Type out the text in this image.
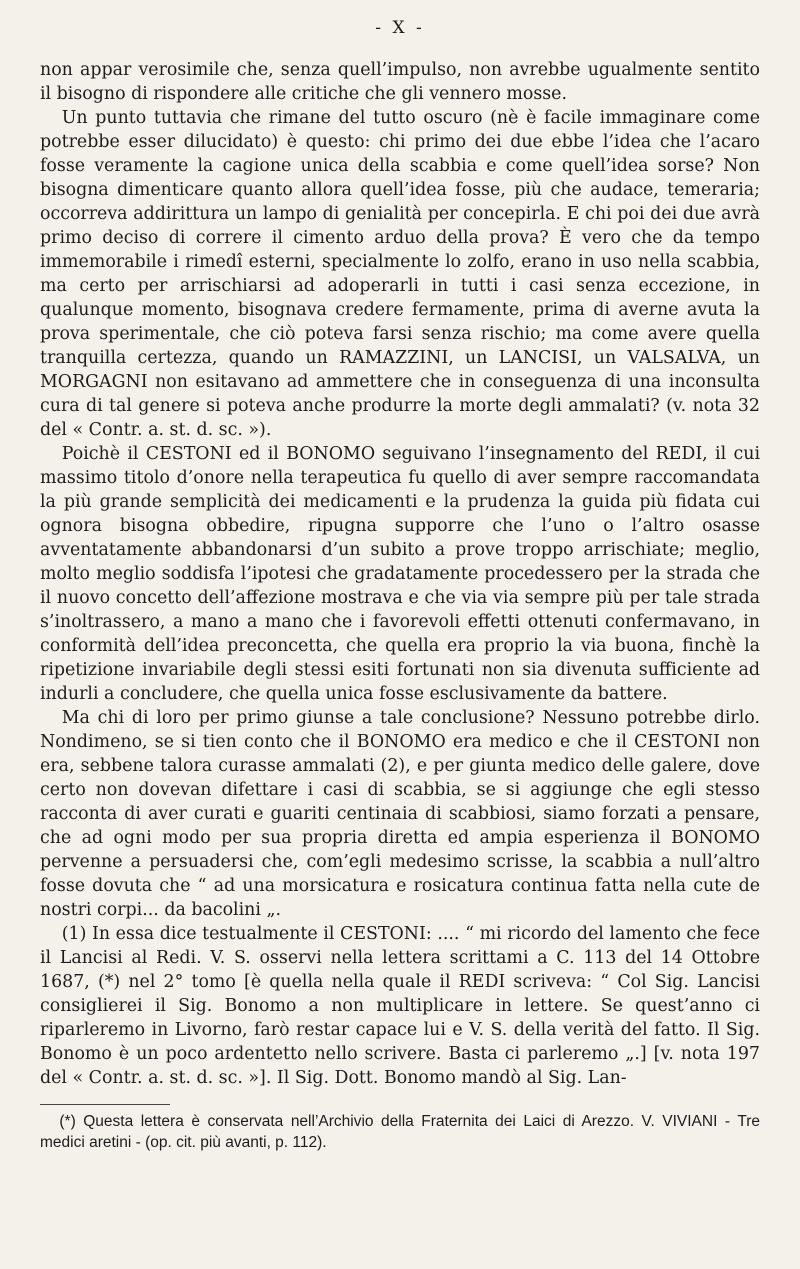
- X -

non appar verosimile che, senza quell’impulso, non avrebbe ugualmente sentito il bisogno di rispondere alle critiche che gli vennero mosse.

Un punto tuttavia che rimane del tutto oscuro (nè è facile immaginare come potrebbe esser dilucidato) è questo: chi primo dei due ebbe l’idea che l’acaro fosse veramente la cagione unica della scabbia e come quell’idea sorse? Non bisogna dimenticare quanto allora quell’idea fosse, più che audace, temeraria; occorreva addirittura un lampo di genialità per concepirla. E chi poi dei due avrà primo deciso di correre il cimento arduo della prova? È vero che da tempo immemorabile i rimedî esterni, specialmente lo zolfo, erano in uso nella scabbia, ma certo per arrischiarsi ad adoperarli in tutti i casi senza eccezione, in qualunque momento, bisognava credere fermamente, prima di averne avuta la prova sperimentale, che ciò poteva farsi senza rischio; ma come avere quella tranquilla certezza, quando un RAMAZZINI, un LANCISI, un VALSALVA, un MORGAGNI non esitavano ad ammettere che in conseguenza di una inconsulta cura di tal genere si poteva anche produrre la morte degli ammalati? (v. nota 32 del « Contr. a. st. d. sc. »).

Poichè il CESTONI ed il BONOMO seguivano l’insegnamento del REDI, il cui massimo titolo d’onore nella terapeutica fu quello di aver sempre raccomandata la più grande semplicità dei medicamenti e la prudenza la guida più fidata cui ognora bisogna obbedire, ripugna supporre che l’uno o l’altro osasse avventatamente abbandonarsi d’un subito a prove troppo arrischiate; meglio, molto meglio soddisfa l’ipotesi che gradatamente procedessero per la strada che il nuovo concetto dell’affezione mostrava e che via via sempre più per tale strada s’inoltrassero, a mano a mano che i favorevoli effetti ottenuti confermavano, in conformità dell’idea preconcetta, che quella era proprio la via buona, finchè la ripetizione invariabile degli stessi esiti fortunati non sia divenuta sufficiente ad indurli a concludere, che quella unica fosse esclusivamente da battere.

Ma chi di loro per primo giunse a tale conclusione? Nessuno potrebbe dirlo. Nondimeno, se si tien conto che il BONOMO era medico e che il CESTONI non era, sebbene talora curasse ammalati (2), e per giunta medico delle galere, dove certo non dovevan difettare i casi di scabbia, se si aggiunge che egli stesso racconta di aver curati e guariti centinaia di scabbiosi, siamo forzati a pensare, che ad ogni modo per sua propria diretta ed ampia esperienza il BONOMO pervenne a persuadersi che, com’egli medesimo scrisse, la scabbia a null’altro fosse dovuta che “ ad una morsicatura e rosicatura continua fatta nella cute de nostri corpi... da bacolini „.

(1) In essa dice testualmente il CESTONI: .... “ mi ricordo del lamento che fece il Lancisi al Redi. V. S. osservi nella lettera scrittami a C. 113 del 14 Ottobre 1687, (*) nel 2° tomo [è quella nella quale il REDI scriveva: “ Col Sig. Lancisi consiglierei il Sig. Bonomo a non multiplicare in lettere. Se quest’anno ci riparleremo in Livorno, farò restar capace lui e V. S. della verità del fatto. Il Sig. Bonomo è un poco ardentetto nello scrivere. Basta ci parleremo „.] [v. nota 197 del « Contr. a. st. d. sc. »]. Il Sig. Dott. Bonomo mandò al Sig. Lan-

(*) Questa lettera è conservata nell’Archivio della Fraternita dei Laici di Arezzo. V. VIVIANI - Tre medici aretini - (op. cit. più avanti, p. 112).
